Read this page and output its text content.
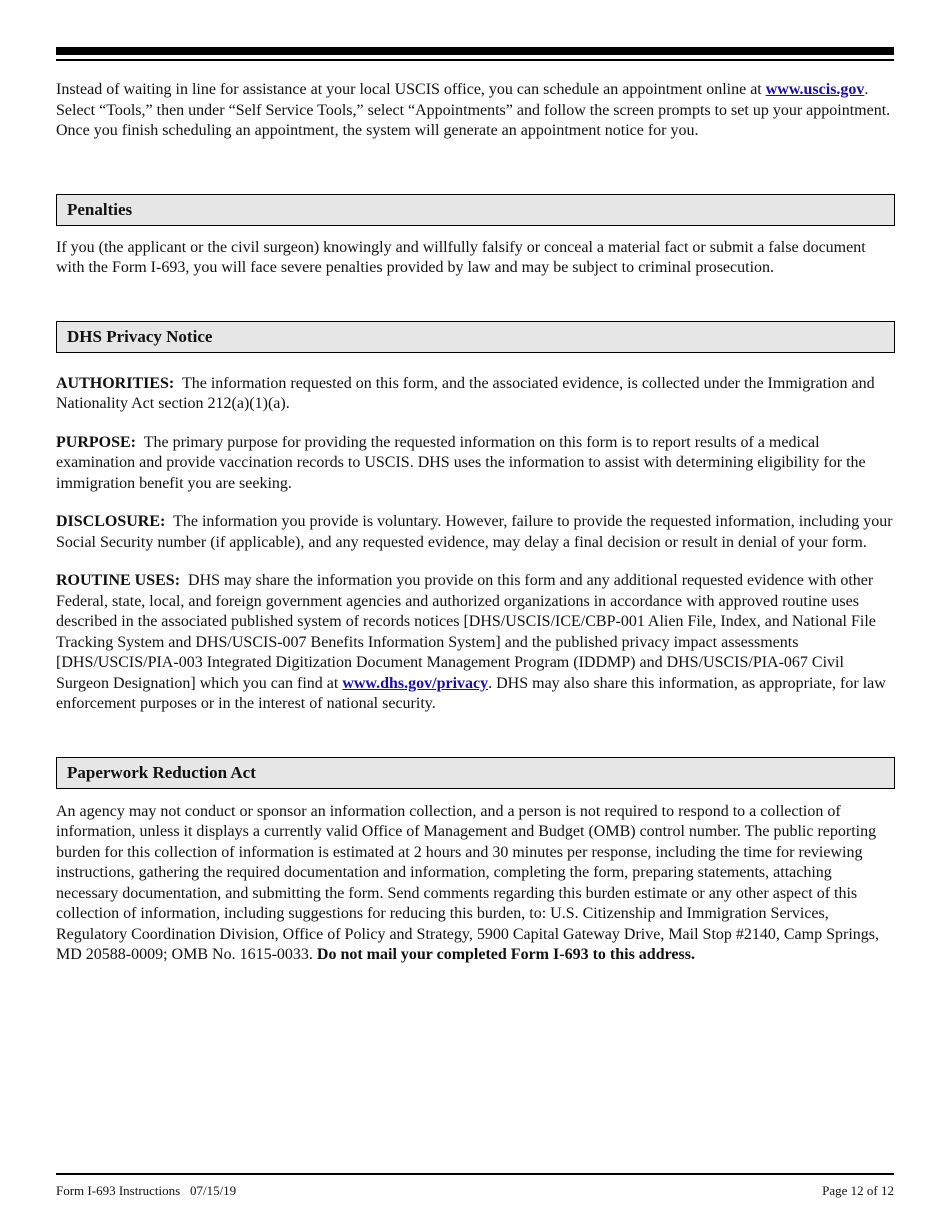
Instead of waiting in line for assistance at your local USCIS office, you can schedule an appointment online at www.uscis.gov. Select “Tools,” then under “Self Service Tools,” select “Appointments” and follow the screen prompts to set up your appointment. Once you finish scheduling an appointment, the system will generate an appointment notice for you.

Penalties

If you (the applicant or the civil surgeon) knowingly and willfully falsify or conceal a material fact or submit a false document with the Form I-693, you will face severe penalties provided by law and may be subject to criminal prosecution.

DHS Privacy Notice

AUTHORITIES: The information requested on this form, and the associated evidence, is collected under the Immigration and Nationality Act section 212(a)(1)(a).

PURPOSE: The primary purpose for providing the requested information on this form is to report results of a medical examination and provide vaccination records to USCIS. DHS uses the information to assist with determining eligibility for the immigration benefit you are seeking.

DISCLOSURE: The information you provide is voluntary. However, failure to provide the requested information, including your Social Security number (if applicable), and any requested evidence, may delay a final decision or result in denial of your form.

ROUTINE USES: DHS may share the information you provide on this form and any additional requested evidence with other Federal, state, local, and foreign government agencies and authorized organizations in accordance with approved routine uses described in the associated published system of records notices [DHS/USCIS/ICE/CBP-001 Alien File, Index, and National File Tracking System and DHS/USCIS-007 Benefits Information System] and the published privacy impact assessments [DHS/USCIS/PIA-003 Integrated Digitization Document Management Program (IDDMP) and DHS/USCIS/PIA-067 Civil Surgeon Designation] which you can find at www.dhs.gov/privacy. DHS may also share this information, as appropriate, for law enforcement purposes or in the interest of national security.

Paperwork Reduction Act

An agency may not conduct or sponsor an information collection, and a person is not required to respond to a collection of information, unless it displays a currently valid Office of Management and Budget (OMB) control number. The public reporting burden for this collection of information is estimated at 2 hours and 30 minutes per response, including the time for reviewing instructions, gathering the required documentation and information, completing the form, preparing statements, attaching necessary documentation, and submitting the form. Send comments regarding this burden estimate or any other aspect of this collection of information, including suggestions for reducing this burden, to: U.S. Citizenship and Immigration Services, Regulatory Coordination Division, Office of Policy and Strategy, 5900 Capital Gateway Drive, Mail Stop #2140, Camp Springs, MD 20588-0009; OMB No. 1615-0033. Do not mail your completed Form I-693 to this address.

Form I-693 Instructions   07/15/19	Page 12 of 12
